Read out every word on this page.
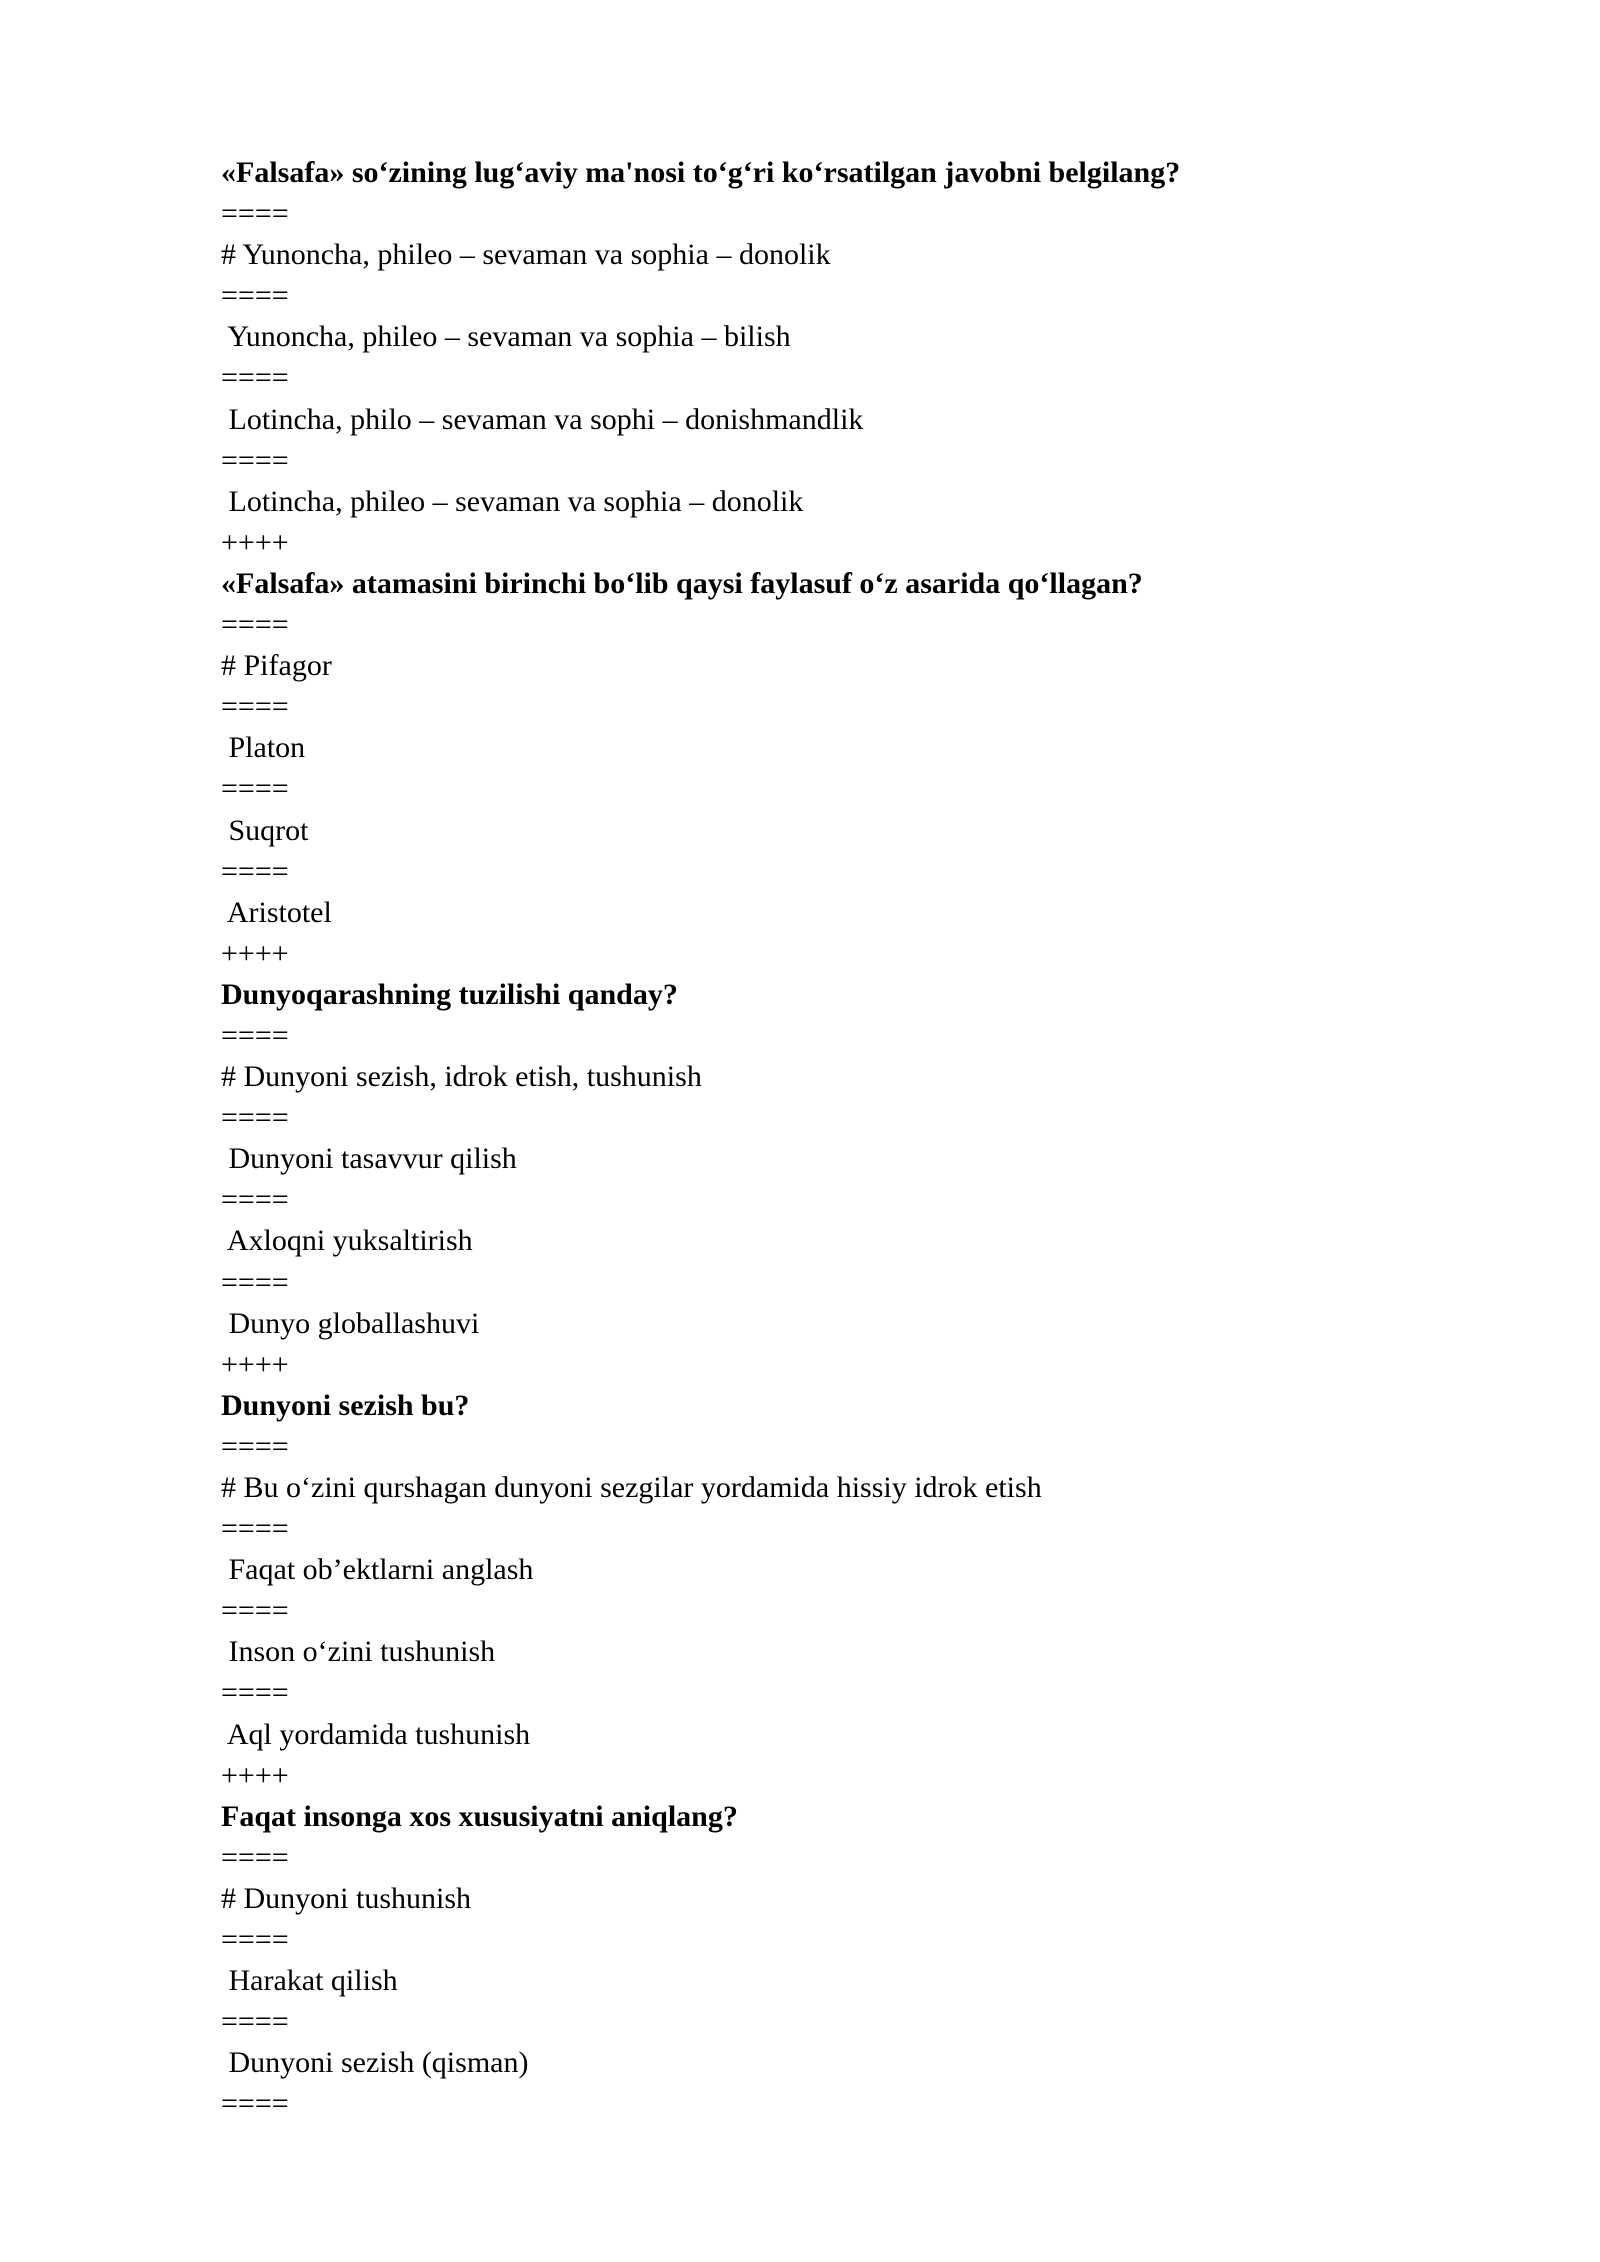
«Falsafa» so‘zining lug‘aviy ma'nosi to‘g‘ri ko‘rsatilgan javobni belgilang?
====
# Yunoncha, phileo – sevaman va sophia – donolik
====
Yunoncha, phileo – sevaman va sophia – bilish
====
Lotincha, philo – sevaman va sophi – donishmandlik
====
Lotincha, phileo – sevaman va sophia – donolik
++++
«Falsafa» atamasini birinchi bo‘lib qaysi faylasuf o‘z asarida qo‘llagan?
====
# Pifagor
====
Platon
====
Suqrot
====
Aristotel
++++
Dunyoqarashning tuzilishi qanday?
====
# Dunyoni sezish, idrok etish, tushunish
====
Dunyoni tasavvur qilish
====
Axloqni yuksaltirish
====
Dunyo globallashuvi
++++
Dunyoni sezish bu?
====
# Bu o‘zini qurshagan dunyoni sezgilar yordamida hissiy idrok etish
====
Faqat ob’ektlarni anglash
====
Inson o‘zini tushunish
====
Aql yordamida tushunish
++++
Faqat insonga xos xususiyatni aniqlang?
====
# Dunyoni tushunish
====
Harakat qilish
====
Dunyoni sezish (qisman)
====
